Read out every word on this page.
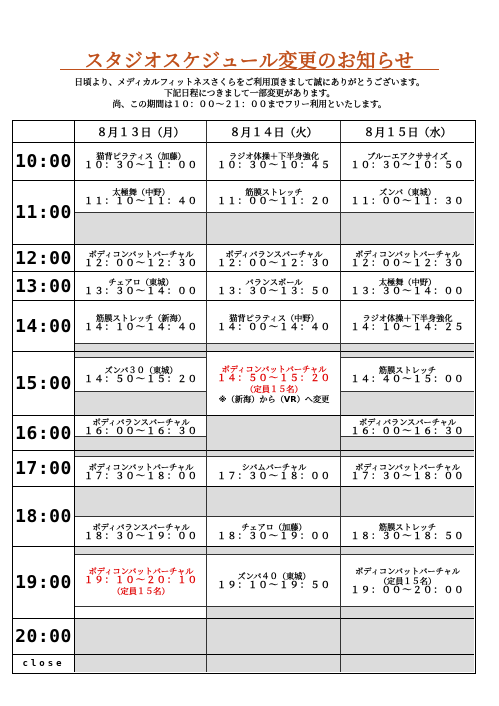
スタジオスケジュール変更のお知らせ
日頃より、メディカルフィットネスさくらをご利用頂きまして誠にありがとうございます。
下記日程につきまして一部変更があります。
尚、この期間は１０：００〜２１：００までフリー利用といたします。
８月１３日（月）	８月１４日（火）	８月１５日（水）
10:00
11:00
12:00
13:00
14:00
15:00
16:00
17:00
18:00
19:00
20:00
close
猫背ピラティス（加藤）
１０：３０〜１１：００
太極舞（中野）
１１：１０〜１１：４０
ボディコンバットバーチャル
１２：００〜１２：３０
チェアロ（東城）
１３：３０〜１４：００
筋膜ストレッチ（新海）
１４：１０〜１４：４０
ズンバ３０（東城）
１４：５０〜１５：２０
ボディバランスバーチャル
１６：００〜１６：３０
ボディコンバットバーチャル
１７：３０〜１８：００
ボディバランスバーチャル
１８：３０〜１９：００
ボディコンバットバーチャル
１９：１０〜２０：１０
（定員１５名）
ラジオ体操＋下半身強化
１０：３０〜１０：４５
筋膜ストレッチ
１１：００〜１１：２０
ボディバランスバーチャル
１２：００〜１２：３０
バランスボール
１３：３０〜１３：５０
猫背ピラティス（中野）
１４：００〜１４：４０
ボディコンバットバーチャル
１４：５０〜１５：２０
（定員１５名）
※（新海）から（VR）へ変更
シバムバーチャル
１７：３０〜１８：００
チェアロ（加藤）
１８：３０〜１９：００
ズンバ４０（東城）
１９：１０〜１９：５０
ブルーエアクササイズ
１０：３０〜１０：５０
ズンバ（東城）
１１：００〜１１：３０
ボディコンバットバーチャル
１２：００〜１２：３０
太極舞（中野）
１３：３０〜１４：００
ラジオ体操＋下半身強化
１４：１０〜１４：２５
筋膜ストレッチ
１４：４０〜１５：００
ボディバランスバーチャル
１６：００〜１６：３０
ボディコンバットバーチャル
１７：３０〜１８：００
筋膜ストレッチ
１８：３０〜１８：５０
ボディコンバットバーチャル
（定員１５名）
１９：００〜２０：００
